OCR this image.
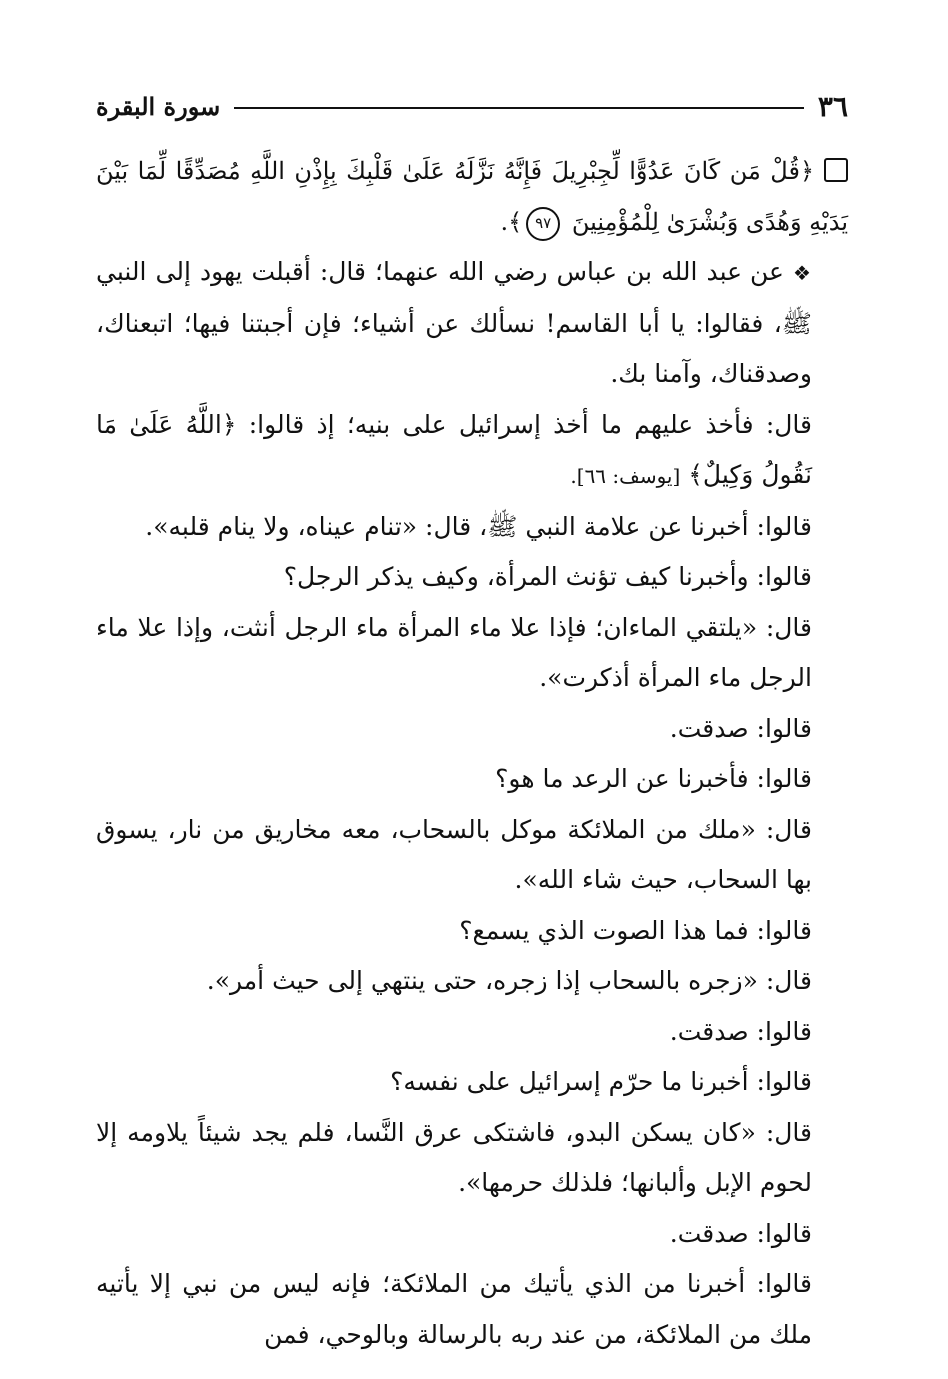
٣٦
سورة البقرة

﴿قُلْ مَن كَانَ عَدُوًّا لِّجِبْرِيلَ فَإِنَّهُ نَزَّلَهُ عَلَىٰ قَلْبِكَ بِإِذْنِ اللَّهِ مُصَدِّقًا لِّمَا بَيْنَ يَدَيْهِ وَهُدًى وَبُشْرَىٰ لِلْمُؤْمِنِينَ ٩٧﴾.

❖ عن عبد الله بن عباس رضي الله عنهما؛ قال: أقبلت يهود إلى النبي ﷺ، فقالوا: يا أبا القاسم! نسألك عن أشياء؛ فإن أجبتنا فيها؛ اتبعناك، وصدقناك، وآمنا بك.

قال: فأخذ عليهم ما أخذ إسرائيل على بنيه؛ إذ قالوا: ﴿اللَّهُ عَلَىٰ مَا نَقُولُ وَكِيلٌ﴾ [يوسف: ٦٦].

قالوا: أخبرنا عن علامة النبي ﷺ، قال: «تنام عيناه، ولا ينام قلبه».

قالوا: وأخبرنا كيف تؤنث المرأة، وكيف يذكر الرجل؟

قال: «يلتقي الماءان؛ فإذا علا ماء المرأة ماء الرجل أنثت، وإذا علا ماء الرجل ماء المرأة أذكرت».

قالوا: صدقت.

قالوا: فأخبرنا عن الرعد ما هو؟

قال: «ملك من الملائكة موكل بالسحاب، معه مخاريق من نار، يسوق بها السحاب، حيث شاء الله».

قالوا: فما هذا الصوت الذي يسمع؟

قال: «زجره بالسحاب إذا زجره، حتى ينتهي إلى حيث أمر».

قالوا: صدقت.

قالوا: أخبرنا ما حرّم إسرائيل على نفسه؟

قال: «كان يسكن البدو، فاشتكى عرق النَّسا، فلم يجد شيئاً يلاومه إلا لحوم الإبل وألبانها؛ فلذلك حرمها».

قالوا: صدقت.

قالوا: أخبرنا من الذي يأتيك من الملائكة؛ فإنه ليس من نبي إلا يأتيه ملك من الملائكة، من عند ربه بالرسالة وبالوحي، فمن
